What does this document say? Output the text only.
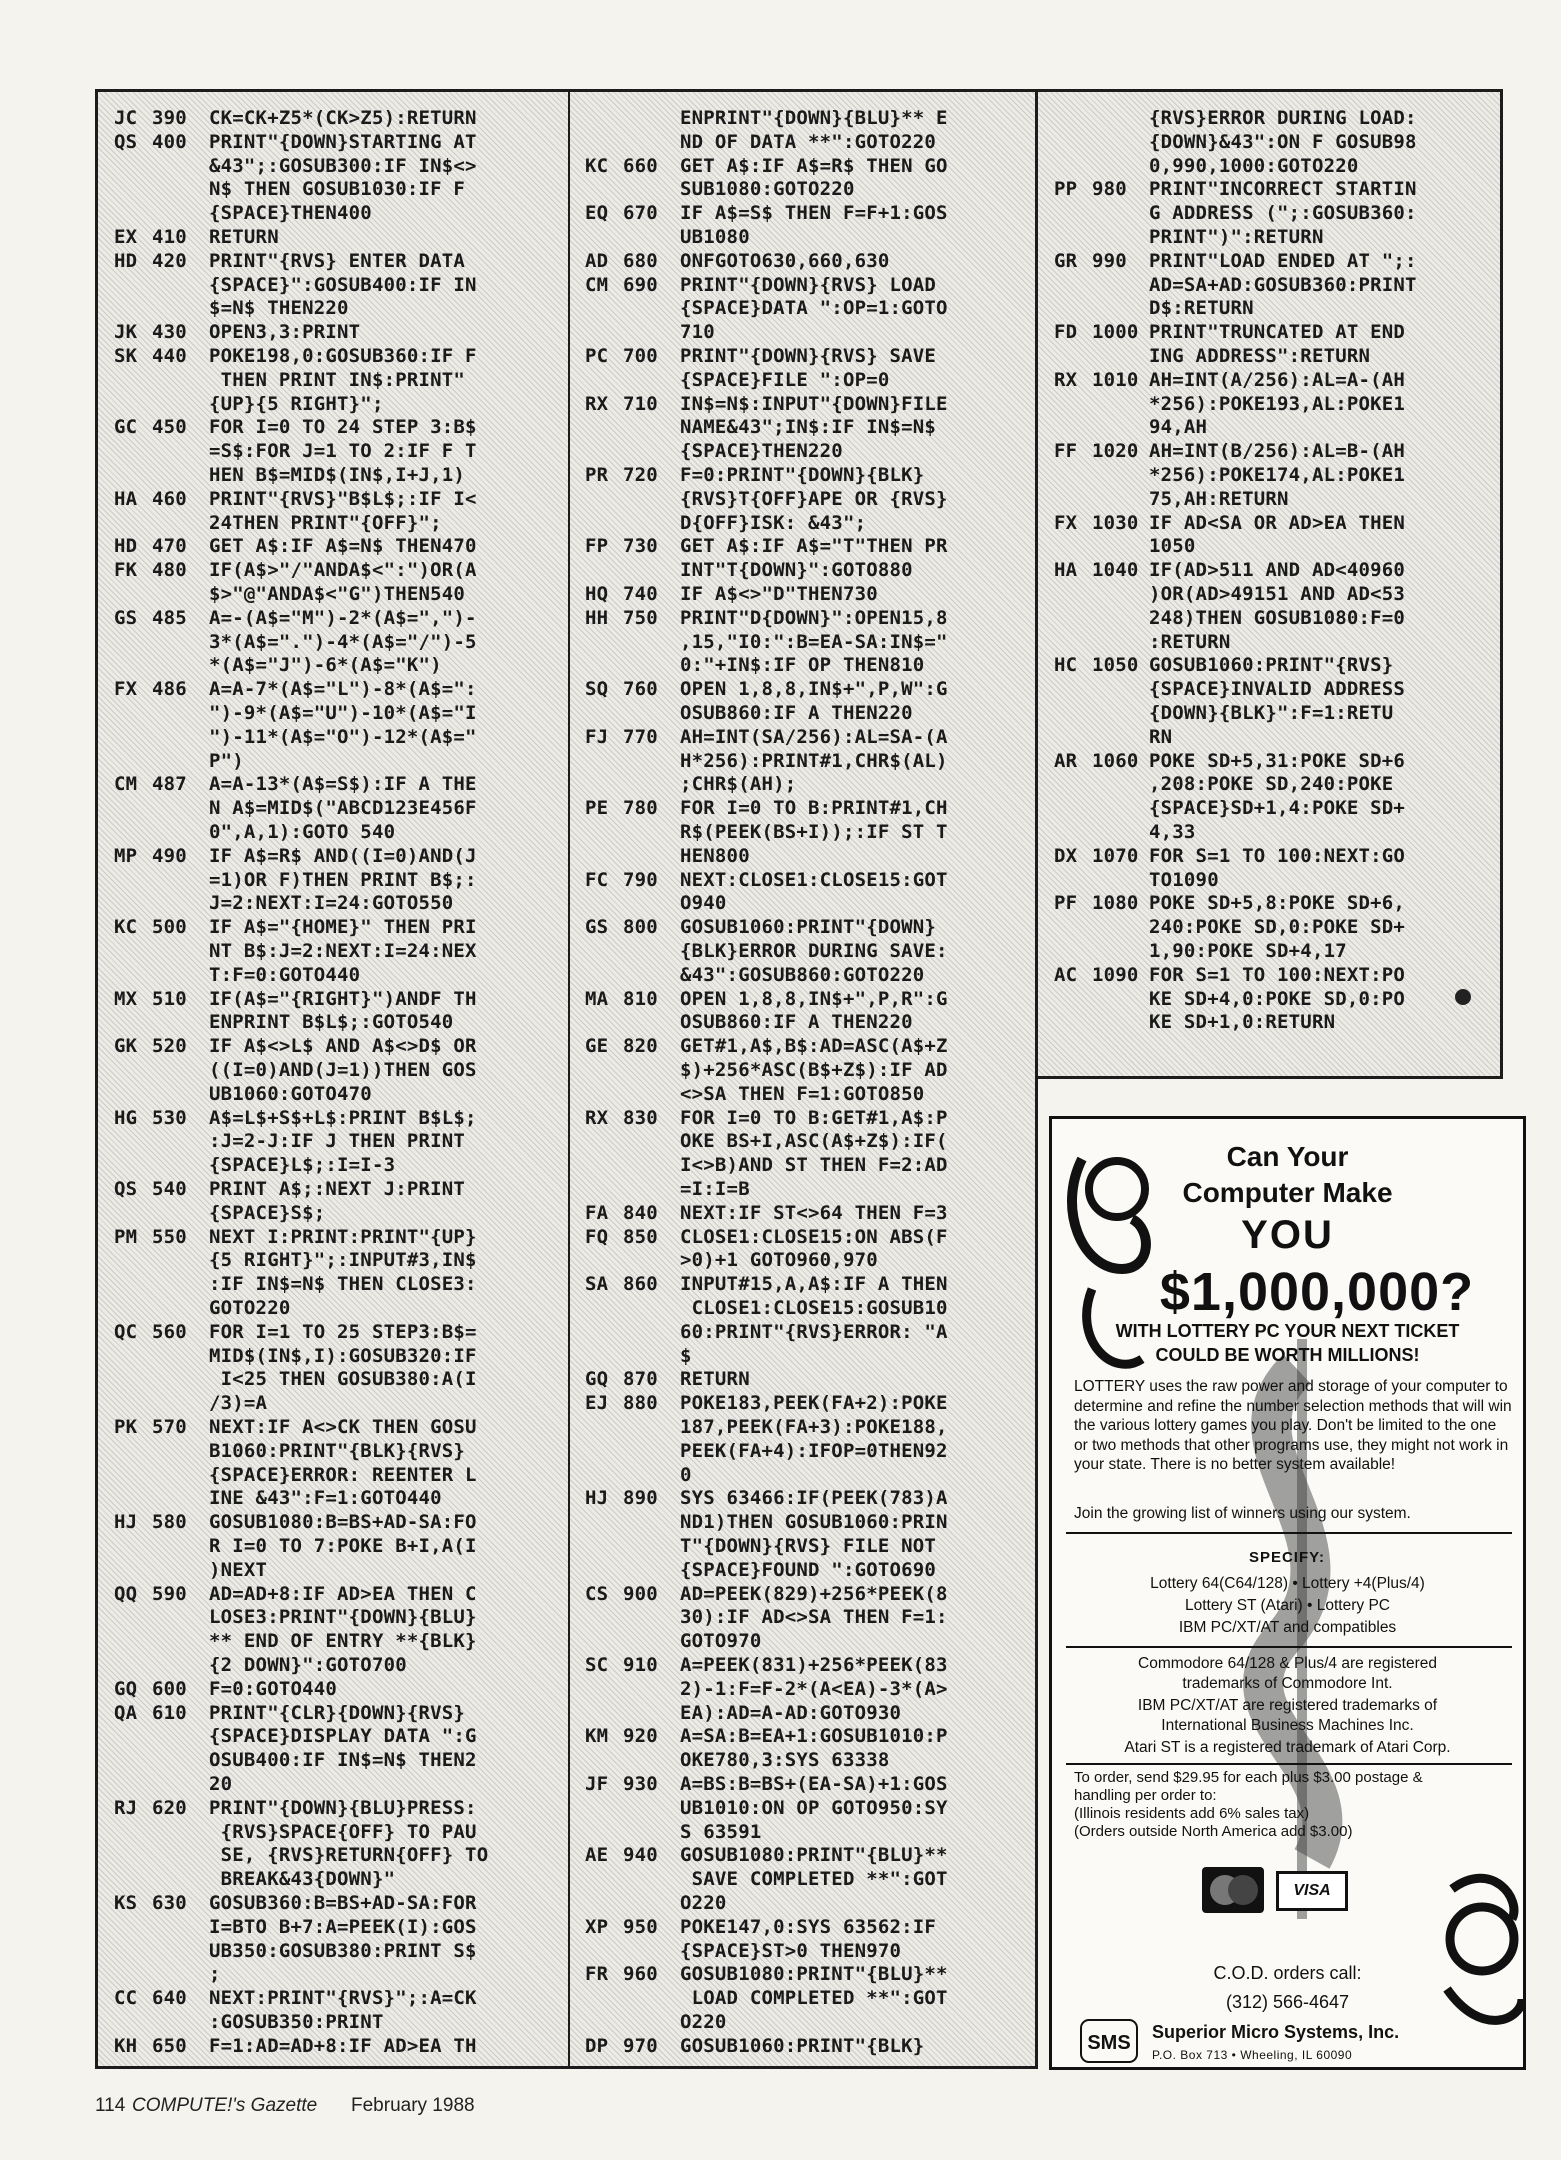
JC 390 CK=CK+Z5*(CK>Z5):RETURN
QS 400 PRINT"{DOWN}STARTING AT
&43";:GOSUB300:IF IN$<>
N$ THEN GOSUB1030:IF F
{SPACE}THEN400
EX 410 RETURN
HD 420 PRINT"{RVS} ENTER DATA
{SPACE}":GOSUB400:IF IN
$=N$ THEN220
JK 430 OPEN3,3:PRINT
SK 440 POKE198,0:GOSUB360:IF F
THEN PRINT IN$:PRINT"
{UP}{5 RIGHT}";
GC 450 FOR I=0 TO 24 STEP 3:B$
=S$:FOR J=1 TO 2:IF F T
HEN B$=MID$(IN$,I+J,1)
HA 460 PRINT"{RVS}"B$L$;:IF I<
24THEN PRINT"{OFF}";
HD 470 GET A$:IF A$=N$ THEN470
FK 480 IF(A$>"/"ANDA$<":")OR(A
$>"@"ANDA$<"G")THEN540
GS 485 A=-(A$="M")-2*(A$=",")-
3*(A$=".")-4*(A$="/")-5
*(A$="J")-6*(A$="K")
FX 486 A=A-7*(A$="L")-8*(A$=":
")-9*(A$="U")-10*(A$="I
")-11*(A$="O")-12*(A$="
P")
CM 487 A=A-13*(A$=S$):IF A THE
N A$=MID$("ABCD123E456F
0",A,1):GOTO 540
MP 490 IF A$=R$ AND((I=0)AND(J
=1)OR F)THEN PRINT B$;:
J=2:NEXT:I=24:GOTO550
KC 500 IF A$="{HOME}" THEN PRI
NT B$:J=2:NEXT:I=24:NEX
T:F=0:GOTO440
MX 510 IF(A$="{RIGHT}")ANDF TH
ENPRINT B$L$;:GOTO540
GK 520 IF A$<>L$ AND A$<>D$ OR
((I=0)AND(J=1))THEN GOS
UB1060:GOTO470
HG 530 A$=L$+S$+L$:PRINT B$L$;
:J=2-J:IF J THEN PRINT
{SPACE}L$;:I=I-3
QS 540 PRINT A$;:NEXT J:PRINT
{SPACE}S$;
PM 550 NEXT I:PRINT:PRINT"{UP}
{5 RIGHT}";:INPUT#3,IN$
:IF IN$=N$ THEN CLOSE3:
GOTO220
QC 560 FOR I=1 TO 25 STEP3:B$=
MID$(IN$,I):GOSUB320:IF
I<25 THEN GOSUB380:A(I
/3)=A
PK 570 NEXT:IF A<>CK THEN GOSU
B1060:PRINT"{BLK}{RVS}
{SPACE}ERROR: REENTER L
INE &43":F=1:GOTO440
HJ 580 GOSUB1080:B=BS+AD-SA:FO
R I=0 TO 7:POKE B+I,A(I
)NEXT
QQ 590 AD=AD+8:IF AD>EA THEN C
LOSE3:PRINT"{DOWN}{BLU}
** END OF ENTRY **{BLK}
{2 DOWN}":GOTO700
GQ 600 F=0:GOTO440
QA 610 PRINT"{CLR}{DOWN}{RVS}
{SPACE}DISPLAY DATA ":G
OSUB400:IF IN$=N$ THEN2
20
RJ 620 PRINT"{DOWN}{BLU}PRESS:
{RVS}SPACE{OFF} TO PAU
SE, {RVS}RETURN{OFF} TO
BREAK&43{DOWN}"
KS 630 GOSUB360:B=BS+AD-SA:FOR
I=BTO B+7:A=PEEK(I):GOS
UB350:GOSUB380:PRINT S$
;
CC 640 NEXT:PRINT"{RVS}";:A=CK
:GOSUB350:PRINT
KH 650 F=1:AD=AD+8:IF AD>EA TH
ENPRINT"{DOWN}{BLU}** E
ND OF DATA **":GOTO220
KC 660 GET A$:IF A$=R$ THEN GO
SUB1080:GOTO220
EQ 670 IF A$=S$ THEN F=F+1:GOS
UB1080
AD 680 ONFGOTO630,660,630
CM 690 PRINT"{DOWN}{RVS} LOAD
{SPACE}DATA ":OP=1:GOTO
710
PC 700 PRINT"{DOWN}{RVS} SAVE
{SPACE}FILE ":OP=0
RX 710 IN$=N$:INPUT"{DOWN}FILE
NAME&43";IN$:IF IN$=N$
{SPACE}THEN220
PR 720 F=0:PRINT"{DOWN}{BLK}
{RVS}T{OFF}APE OR {RVS}
D{OFF}ISK: &43";
FP 730 GET A$:IF A$="T"THEN PR
INT"T{DOWN}":GOTO880
HQ 740 IF A$<>"D"THEN730
HH 750 PRINT"D{DOWN}":OPEN15,8
,15,"I0:":B=EA-SA:IN$="
0:"+IN$:IF OP THEN810
SQ 760 OPEN 1,8,8,IN$+",P,W":G
OSUB860:IF A THEN220
FJ 770 AH=INT(SA/256):AL=SA-(A
H*256):PRINT#1,CHR$(AL)
;CHR$(AH);
PE 780 FOR I=0 TO B:PRINT#1,CH
R$(PEEK(BS+I));:IF ST T
HEN800
FC 790 NEXT:CLOSE1:CLOSE15:GOT
O940
GS 800 GOSUB1060:PRINT"{DOWN}
{BLK}ERROR DURING SAVE:
&43":GOSUB860:GOTO220
MA 810 OPEN 1,8,8,IN$+",P,R":G
OSUB860:IF A THEN220
GE 820 GET#1,A$,B$:AD=ASC(A$+Z
$)+256*ASC(B$+Z$):IF AD
<>SA THEN F=1:GOTO850
RX 830 FOR I=0 TO B:GET#1,A$:P
OKE BS+I,ASC(A$+Z$):IF(
I<>B)AND ST THEN F=2:AD
=I:I=B
FA 840 NEXT:IF ST<>64 THEN F=3
FQ 850 CLOSE1:CLOSE15:ON ABS(F
>0)+1 GOTO960,970
SA 860 INPUT#15,A,A$:IF A THEN
CLOSE1:CLOSE15:GOSUB10
60:PRINT"{RVS}ERROR: "A
$
GQ 870 RETURN
EJ 880 POKE183,PEEK(FA+2):POKE
187,PEEK(FA+3):POKE188,
PEEK(FA+4):IFOP=0THEN92
0
HJ 890 SYS 63466:IF(PEEK(783)A
ND1)THEN GOSUB1060:PRIN
T"{DOWN}{RVS} FILE NOT
{SPACE}FOUND ":GOTO690
CS 900 AD=PEEK(829)+256*PEEK(8
30):IF AD<>SA THEN F=1:
GOTO970
SC 910 A=PEEK(831)+256*PEEK(83
2)-1:F=F-2*(A<EA)-3*(A>
EA):AD=A-AD:GOTO930
KM 920 A=SA:B=EA+1:GOSUB1010:P
OKE780,3:SYS 63338
JF 930 A=BS:B=BS+(EA-SA)+1:GOS
UB1010:ON OP GOTO950:SY
S 63591
AE 940 GOSUB1080:PRINT"{BLU}**
SAVE COMPLETED **":GOT
O220
XP 950 POKE147,0:SYS 63562:IF
{SPACE}ST>0 THEN970
FR 960 GOSUB1080:PRINT"{BLU}**
LOAD COMPLETED **":GOT
O220
DP 970 GOSUB1060:PRINT"{BLK}
{RVS}ERROR DURING LOAD:
{DOWN}&43":ON F GOSUB98
0,990,1000:GOTO220
PP 980 PRINT"INCORRECT STARTIN
G ADDRESS (";:GOSUB360:
PRINT")":RETURN
GR 990 PRINT"LOAD ENDED AT ";:
AD=SA+AD:GOSUB360:PRINT
D$:RETURN
FD 1000 PRINT"TRUNCATED AT END
ING ADDRESS":RETURN
RX 1010 AH=INT(A/256):AL=A-(AH
*256):POKE193,AL:POKE1
94,AH
FF 1020 AH=INT(B/256):AL=B-(AH
*256):POKE174,AL:POKE1
75,AH:RETURN
FX 1030 IF AD<SA OR AD>EA THEN
1050
HA 1040 IF(AD>511 AND AD<40960
)OR(AD>49151 AND AD<53
248)THEN GOSUB1080:F=0
:RETURN
HC 1050 GOSUB1060:PRINT"{RVS}
{SPACE}INVALID ADDRESS
{DOWN}{BLK}":F=1:RETU
RN
AR 1060 POKE SD+5,31:POKE SD+6
,208:POKE SD,240:POKE
{SPACE}SD+1,4:POKE SD+
4,33
DX 1070 FOR S=1 TO 100:NEXT:GO
TO1090
PF 1080 POKE SD+5,8:POKE SD+6,
240:POKE SD,0:POKE SD+
1,90:POKE SD+4,17
AC 1090 FOR S=1 TO 100:NEXT:PO
KE SD+4,0:POKE SD,0:PO
KE SD+1,0:RETURN
Can Your
Computer Make
YOU
$1,000,000?
WITH LOTTERY PC YOUR NEXT TICKET
COULD BE WORTH MILLIONS!
LOTTERY uses the raw power and storage of your computer to determine and refine the number selection methods that will win the various lottery games you play. Don't be limited to the one or two methods that other programs use, they might not work in your state. There is no better system available!
Join the growing list of winners using our system.
SPECIFY:
Lottery 64(C64/128) • Lottery +4(Plus/4)
Lottery ST (Atari) • Lottery PC
IBM PC/XT/AT and compatibles
Commodore 64/128 & Plus/4 are registered
trademarks of Commodore Int.
IBM PC/XT/AT are registered trademarks of
International Business Machines Inc.
Atari ST is a registered trademark of Atari Corp.
To order, send $29.95 for each plus $3.00 postage &
handling per order to:
(Illinois residents add 6% sales tax)
(Orders outside North America add $3.00)
VISA
C.O.D. orders call:
(312) 566-4647
SMS Superior Micro Systems, Inc.
P.O. Box 713 • Wheeling, IL 60090
114 COMPUTE!'s Gazette February 1988
